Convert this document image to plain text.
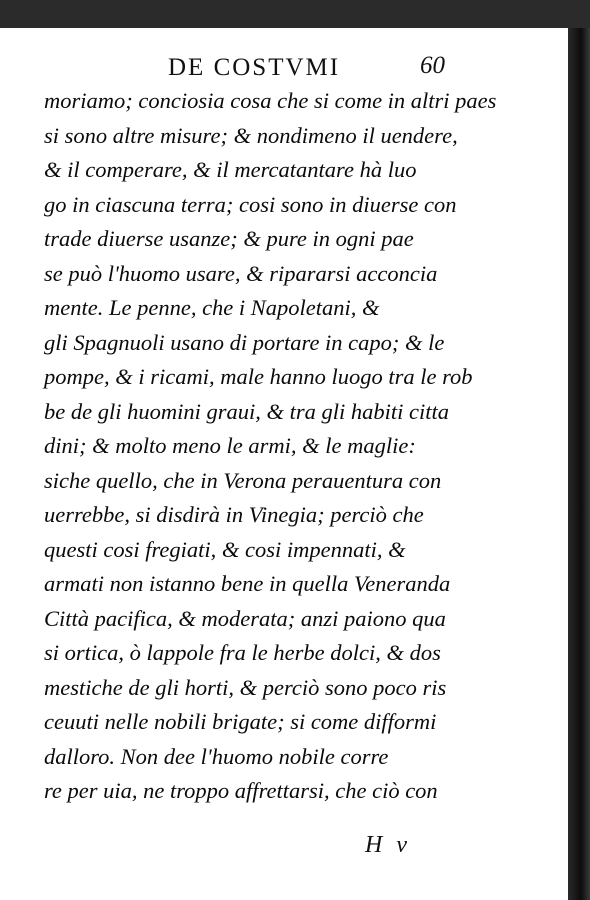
DE COSTVMI	60
moriamo; conciosia cosa che si come in altri paes
si sono altre misure; & nondimeno il uendere,
& il comperare, & il mercatantare hà luo
go in ciascuna terra; cosi sono in diuerse con
trade diuerse usanze; & pure in ogni pae
se può l'huomo usare, & ripararsi acconcia
mente. Le penne, che i Napoletani, &
gli Spagnuoli usano di portare in capo; & le
pompe, & i ricami, male hanno luogo tra le rob
be de gli huomini graui, & tra gli habiti citta
dini; & molto meno le armi, & le maglie:
siche quello, che in Verona perauentura con
uerrebbe, si disdirà in Vinegia; perciò che
questi cosi fregiati, & cosi impennati, &
armati non istanno bene in quella Veneranda
Città pacifica, & moderata; anzi paiono qua
si ortica, ò lappole fra le herbe dolci, & dos
mestiche de gli horti, & perciò sono poco ris
ceuuti nelle nobili brigate; si come difformi
dalloro. Non dee l'huomo nobile corre
re per uia, ne troppo affrettarsi, che ciò con
H v
